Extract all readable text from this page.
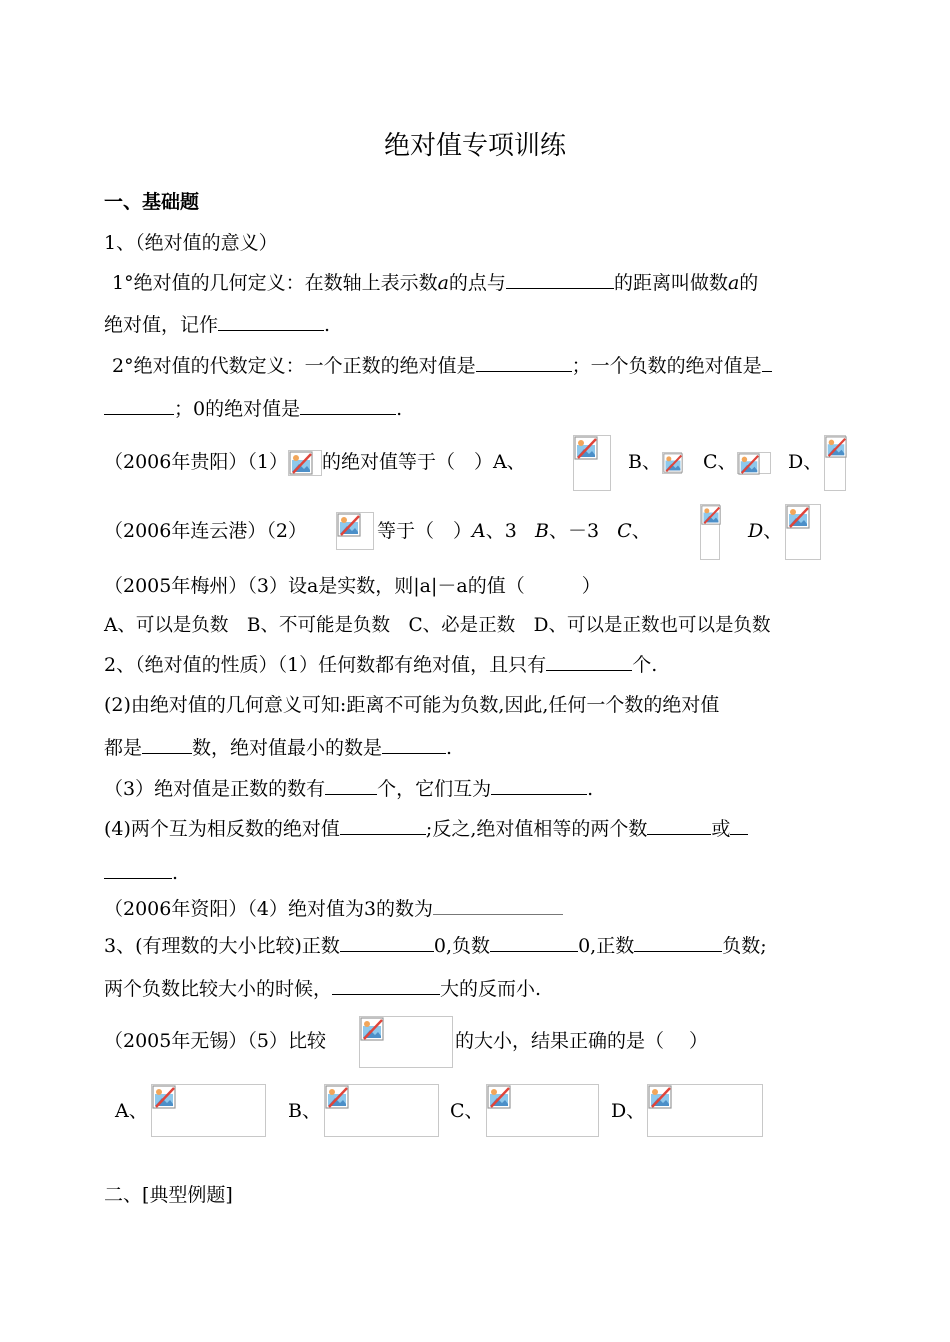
绝对值专项训练
一、基础题
1、（绝对值的意义）
1°绝对值的几何定义：在数轴上表示数a的点与	的距离叫做数a的
绝对值，记作	.
2°绝对值的代数定义：一个正数的绝对值是	；一个负数的绝对值是
；0的绝对值是	.
（2006年贵阳）（1） 的绝对值等于（　）A、	B、 C、	D、
（2006年连云港）（2）	等于（　）A、3 B、－3 C、	D、
（2005年梅州）（3）设a是实数，则|a|－a的值（　　　）
A、可以是负数　B、不可能是负数　C、必是正数　D、可以是正数也可以是负数
2、（绝对值的性质）（1）任何数都有绝对值，且只有	个.
(2)由绝对值的几何意义可知:距离不可能为负数,因此,任何一个数的绝对值
都是	数，绝对值最小的数是	.
（3）绝对值是正数的数有	个，它们互为	.
(4)两个互为相反数的绝对值	;反之,绝对值相等的两个数	或
.
（2006年资阳）（4）绝对值为3的数为
3、(有理数的大小比较)正数	0,负数	0,正数	负数;
两个负数比较大小的时候，	大的反而小.
（2005年无锡）（5）比较	的大小，结果正确的是（　 ）
A、	B、	C、	D、
二、[典型例题]
